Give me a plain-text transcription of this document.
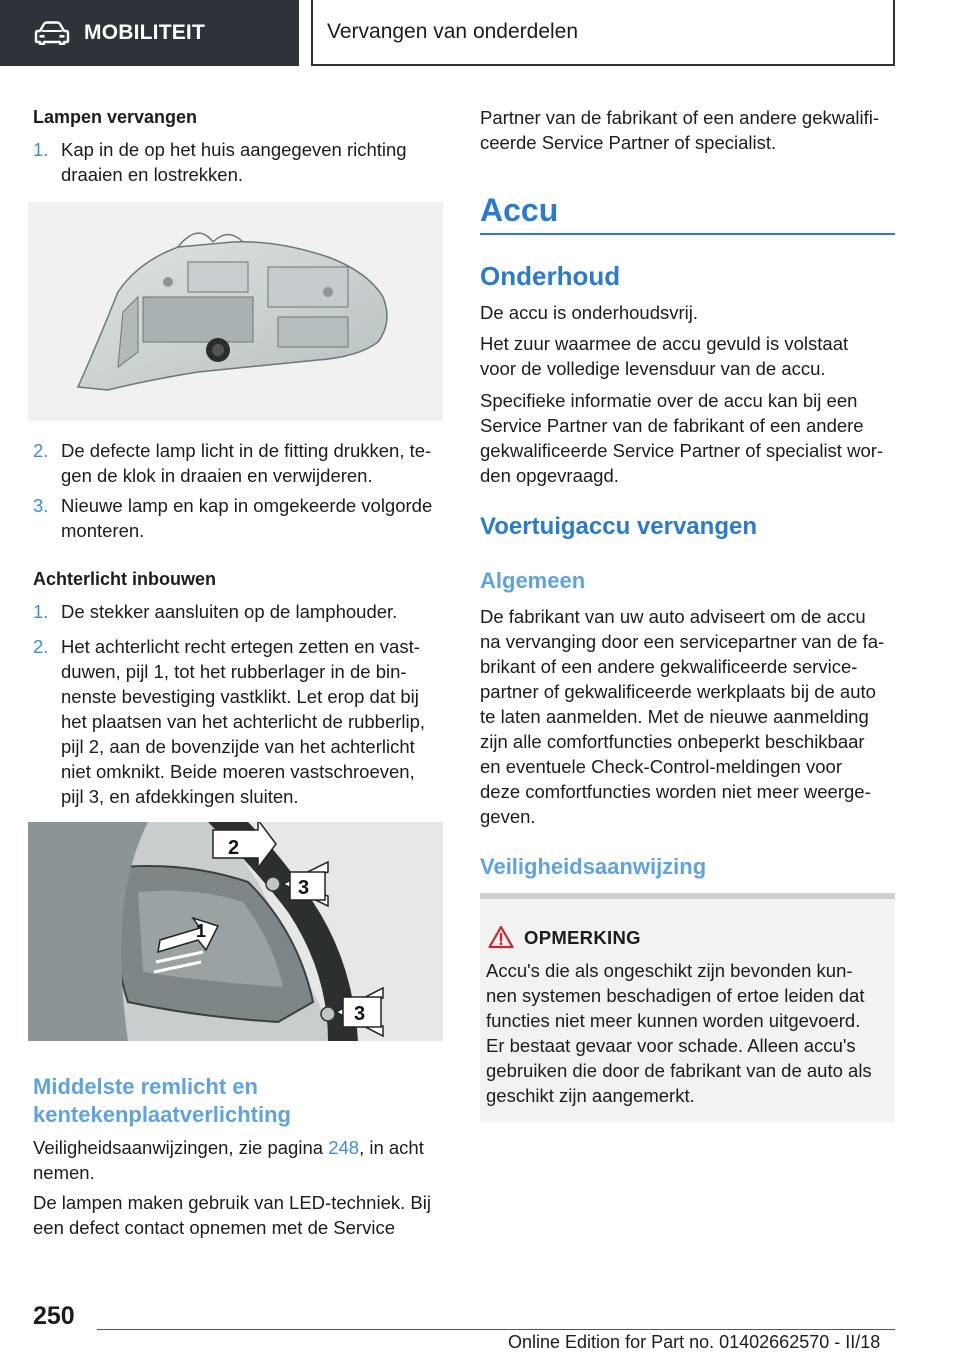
MOBILITEIT	Vervangen van onderdelen
Lampen vervangen
1. Kap in de op het huis aangegeven richting
draaien en lostrekken.
2. De defecte lamp licht in de fitting drukken, te-
gen de klok in draaien en verwijderen.
3. Nieuwe lamp en kap in omgekeerde volgorde
monteren.
Achterlicht inbouwen
1. De stekker aansluiten op de lamphouder.
2. Het achterlicht recht ertegen zetten en vast-
duwen, pijl 1, tot het rubberlager in de bin-
nenste bevestiging vastklikt. Let erop dat bij
het plaatsen van het achterlicht de rubberlip,
pijl 2, aan de bovenzijde van het achterlicht
niet omknikt. Beide moeren vastschroeven,
pijl 3, en afdekkingen sluiten.
1
2
3
3
Middelste remlicht en
kentekenplaatverlichting
Veiligheidsaanwijzingen, zie pagina 248, in acht
nemen.
De lampen maken gebruik van LED-techniek. Bij
een defect contact opnemen met de Service
Partner van de fabrikant of een andere gekwalifi-
ceerde Service Partner of specialist.
Accu
Onderhoud
De accu is onderhoudsvrij.
Het zuur waarmee de accu gevuld is volstaat
voor de volledige levensduur van de accu.
Specifieke informatie over de accu kan bij een
Service Partner van de fabrikant of een andere
gekwalificeerde Service Partner of specialist wor-
den opgevraagd.
Voertuigaccu vervangen
Algemeen
De fabrikant van uw auto adviseert om de accu
na vervanging door een servicepartner van de fa-
brikant of een andere gekwalificeerde service-
partner of gekwalificeerde werkplaats bij de auto
te laten aanmelden. Met de nieuwe aanmelding
zijn alle comfortfuncties onbeperkt beschikbaar
en eventuele Check-Control-meldingen voor
deze comfortfuncties worden niet meer weerge-
geven.
Veiligheidsaanwijzing
OPMERKING
Accu's die als ongeschikt zijn bevonden kun-
nen systemen beschadigen of ertoe leiden dat
functies niet meer kunnen worden uitgevoerd.
Er bestaat gevaar voor schade. Alleen accu's
gebruiken die door de fabrikant van de auto als
geschikt zijn aangemerkt.
250
Online Edition for Part no. 01402662570 - II/18
